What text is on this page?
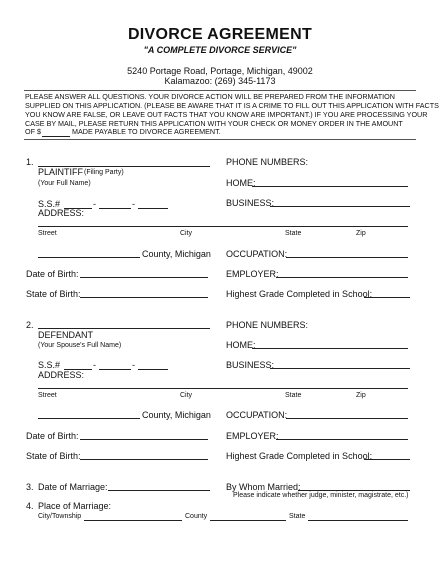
DIVORCE AGREEMENT
"A COMPLETE DIVORCE SERVICE"
5240 Portage Road, Portage, Michigan, 49002
Kalamazoo: (269) 345-1173
PLEASE ANSWER ALL QUESTIONS. YOUR DIVORCE ACTION WILL BE PREPARED FROM THE INFORMATION
SUPPLIED ON THIS APPLICATION. (PLEASE BE AWARE THAT IT IS A CRIME TO FILL OUT THIS APPLICATION WITH FACTS
YOU KNOW ARE FALSE, OR LEAVE OUT FACTS THAT YOU KNOW ARE IMPORTANT.) IF YOU ARE PROCESSING YOUR
CASE BY MAIL, PLEASE RETURN THIS APPLICATION WITH YOUR CHECK OR MONEY ORDER IN THE AMOUNT
OF $	MADE PAYABLE TO DIVORCE AGREEMENT.
1.
PLAINTIFF (Filing Party)
(Your Full Name)
S.S.#	-	-
ADDRESS:
PHONE NUMBERS:
HOME:
BUSINESS:
Street	City	State	Zip
County, Michigan OCCUPATION:
Date of Birth:	EMPLOYER:
State of Birth:	Highest Grade Completed in School:
2.
DEFENDANT
(Your Spouse's Full Name)
S.S.#	-	-
ADDRESS:
PHONE NUMBERS:
HOME:
BUSINESS:
Street	City	State	Zip
County, Michigan OCCUPATION:
Date of Birth:	EMPLOYER:
State of Birth:	Highest Grade Completed in School:
3. Date of Marriage:	By Whom Married:
Please indicate whether judge, minister, magistrate, etc.)
4. Place of Marriage:
City/Township	County	State
